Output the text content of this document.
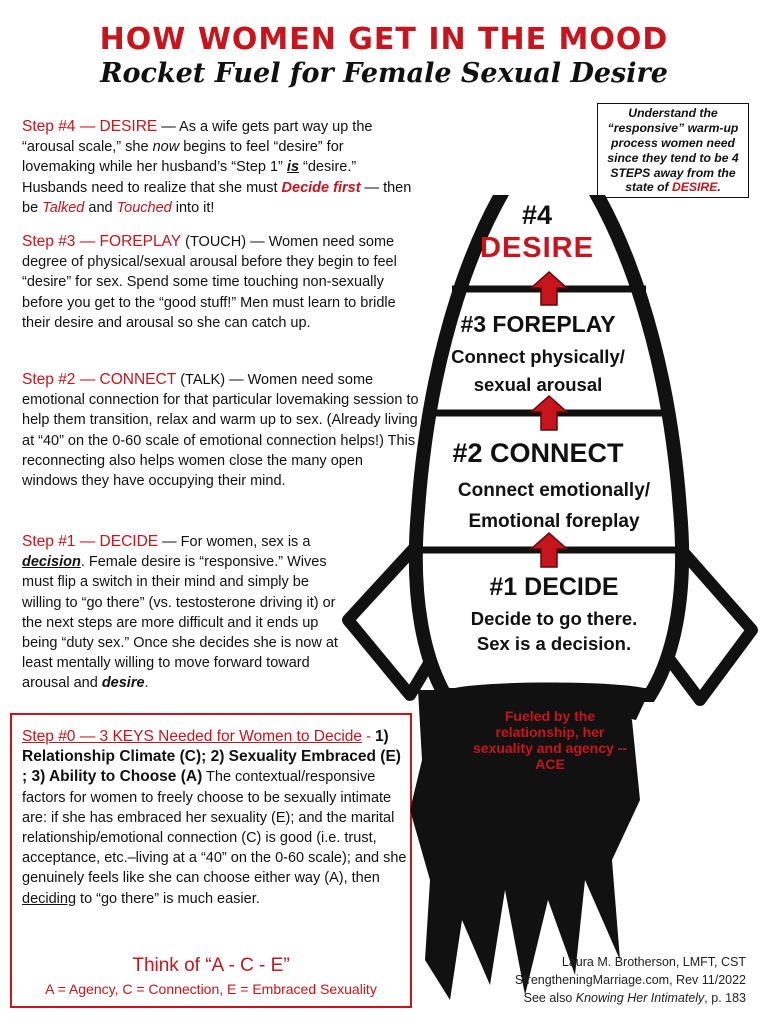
HOW WOMEN GET IN THE MOOD
Rocket Fuel for Female Sexual Desire
Understand the “responsive” warm-up process women need since they tend to be 4 STEPS away from the state of DESIRE.
Step #4 — DESIRE — As a wife gets part way up the “arousal scale,” she now begins to feel “desire” for lovemaking while her husband’s “Step 1” is “desire.” Husbands need to realize that she must Decide first — then be Talked and Touched into it!
Step #3 — FOREPLAY (TOUCH) — Women need some degree of physical/sexual arousal before they begin to feel “desire” for sex. Spend some time touching non-sexually before you get to the “good stuff!” Men must learn to bridle their desire and arousal so she can catch up.
Step #2 — CONNECT (TALK) — Women need some emotional connection for that particular lovemaking session to help them transition, relax and warm up to sex. (Already living at “40” on the 0-60 scale of emotional connection helps!) This reconnecting also helps women close the many open windows they have occupying their mind.
Step #1 — DECIDE — For women, sex is a decision. Female desire is “responsive.” Wives must flip a switch in their mind and simply be willing to “go there” (vs. testosterone driving it) or the next steps are more difficult and it ends up being “duty sex.” Once she decides she is now at least mentally willing to move forward toward arousal and desire.
Step #0 — 3 KEYS Needed for Women to Decide - 1) Relationship Climate (C); 2) Sexuality Embraced (E) ; 3) Ability to Choose (A) The contextual/responsive factors for women to freely choose to be sexually intimate are: if she has embraced her sexuality (E); and the marital relationship/emotional connection (C) is good (i.e. trust, acceptance, etc.–living at a “40” on the 0-60 scale); and she genuinely feels like she can choose either way (A), then deciding to “go there” is much easier.
Think of “A - C - E”
A = Agency, C = Connection, E = Embraced Sexuality
#4
DESIRE
#3 FOREPLAY
Connect physically/
sexual arousal
#2 CONNECT
Connect emotionally/
Emotional foreplay
#1 DECIDE
Decide to go there.
Sex is a decision.
#0 CONTEXT
Fueled by the relationship, her sexuality and agency -- ACE
Laura M. Brotherson, LMFT, CST
StrengtheningMarriage.com, Rev 11/2022
See also Knowing Her Intimately, p. 183
